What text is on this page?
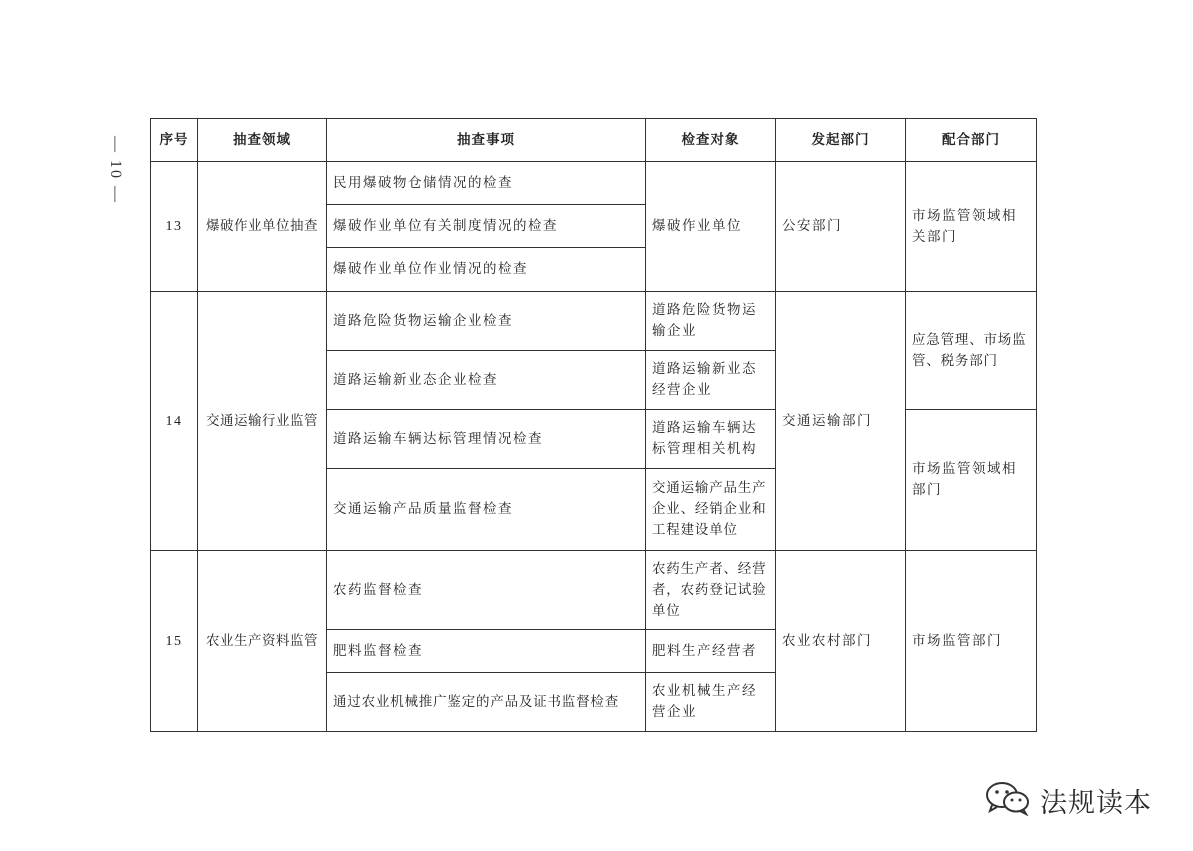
— 10 —	序号	抽查领域	抽查事项	检查对象	发起部门	配合部门
13	爆破作业单位抽查	民用爆破物仓储情况的检查	爆破作业单位	公安部门	市场监管领域相关部门
		爆破作业单位有关制度情况的检查			
		爆破作业单位作业情况的检查			
14	交通运输行业监管	道路危险货物运输企业检查	道路危险货物运输企业	交通运输部门	应急管理、市场监管、税务部门
		道路运输新业态企业检查	道路运输新业态经营企业		
		道路运输车辆达标管理情况检查	道路运输车辆达标管理相关机构		市场监管领域相部门
		交通运输产品质量监督检查	交通运输产品生产企业、经销企业和工程建设单位		
15	农业生产资料监管	农药监督检查	农药生产者、经营者，农药登记试验单位	农业农村部门	市场监管部门
		肥料监督检查	肥料生产经营者		
		通过农业机械推广鉴定的产品及证书监督检查	农业机械生产经营企业		
法规读本
